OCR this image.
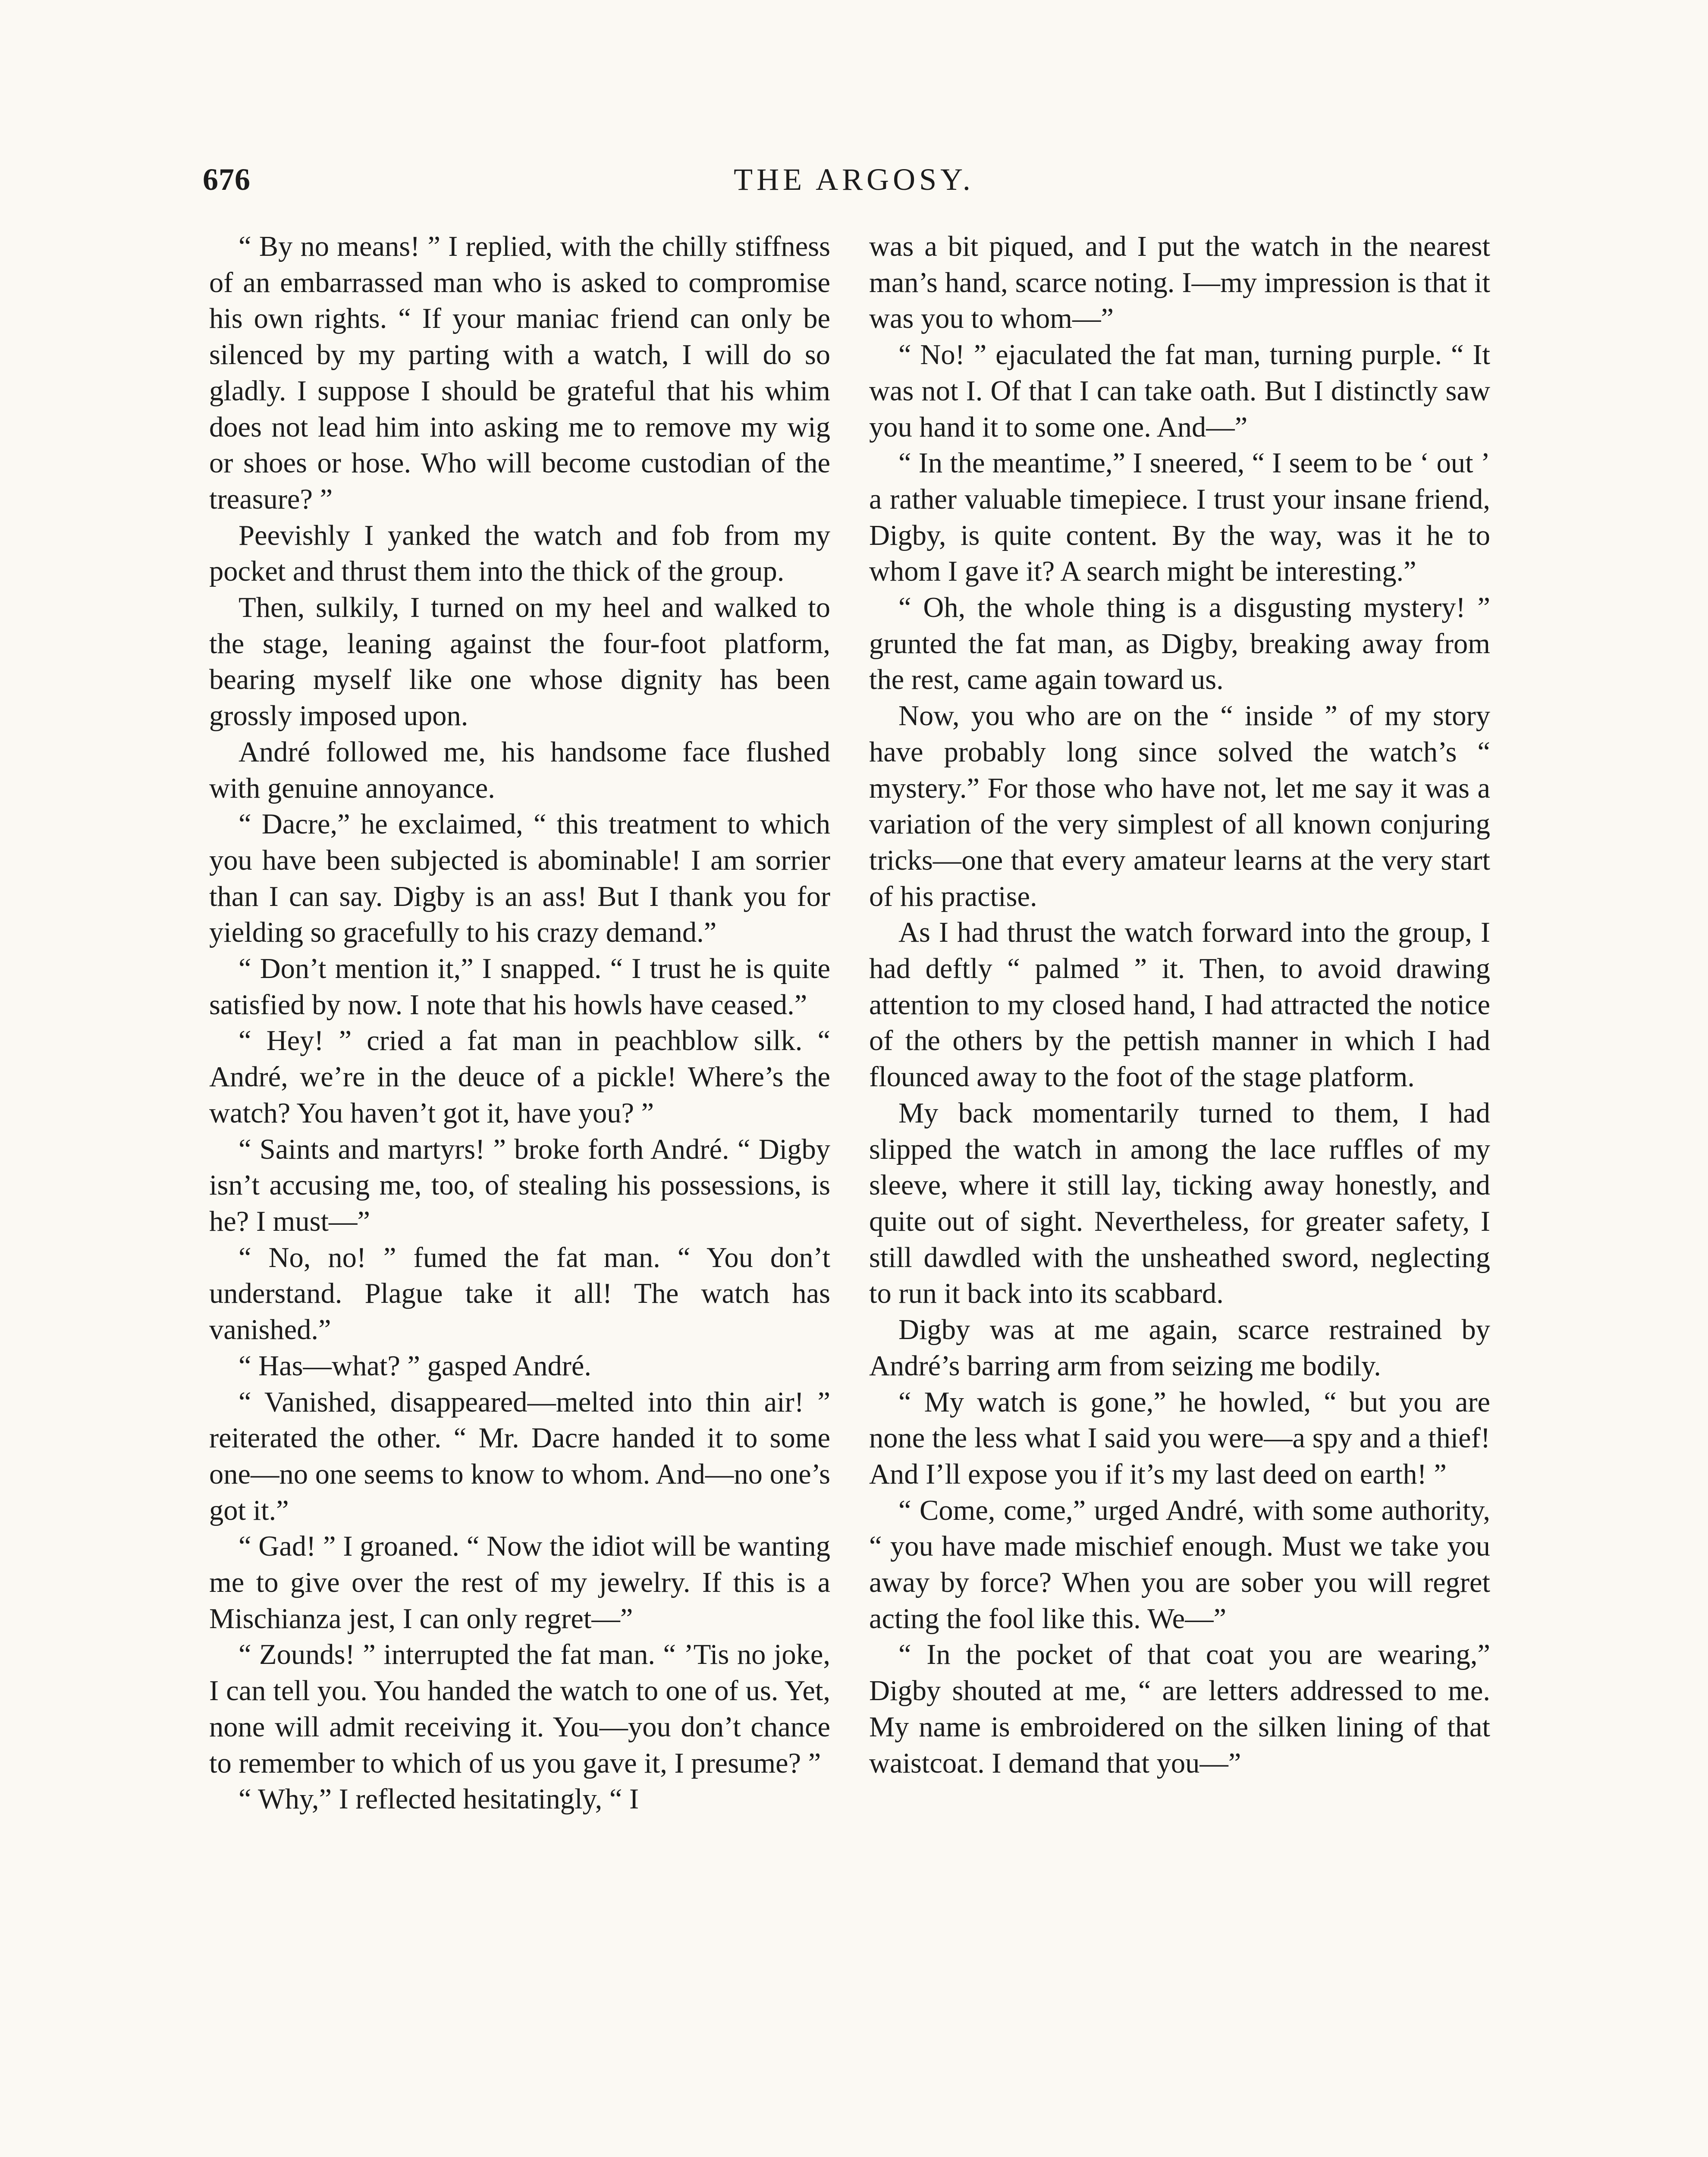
676	THE ARGOSY.

“ By no means! ” I replied, with the chilly stiffness of an embarrassed man who is asked to compromise his own rights. “ If your maniac friend can only be silenced by my parting with a watch, I will do so gladly. I suppose I should be grateful that his whim does not lead him into asking me to remove my wig or shoes or hose. Who will become custodian of the treasure? ”

Peevishly I yanked the watch and fob from my pocket and thrust them into the thick of the group.

Then, sulkily, I turned on my heel and walked to the stage, leaning against the four-foot platform, bearing myself like one whose dignity has been grossly imposed upon.

André followed me, his handsome face flushed with genuine annoyance.

“ Dacre,” he exclaimed, “ this treatment to which you have been subjected is abominable! I am sorrier than I can say. Digby is an ass! But I thank you for yielding so gracefully to his crazy demand.”

“ Don’t mention it,” I snapped. “ I trust he is quite satisfied by now. I note that his howls have ceased.”

“ Hey! ” cried a fat man in peachblow silk. “ André, we’re in the deuce of a pickle! Where’s the watch? You haven’t got it, have you? ”

“ Saints and martyrs! ” broke forth André. “ Digby isn’t accusing me, too, of stealing his possessions, is he? I must—”

“ No, no! ” fumed the fat man. “ You don’t understand. Plague take it all! The watch has vanished.”

“ Has—what? ” gasped André.

“ Vanished, disappeared—melted into thin air! ” reiterated the other. “ Mr. Dacre handed it to some one—no one seems to know to whom. And—no one’s got it.”

“ Gad! ” I groaned. “ Now the idiot will be wanting me to give over the rest of my jewelry. If this is a Mischianza jest, I can only regret—”

“ Zounds! ” interrupted the fat man. “ ’Tis no joke, I can tell you. You handed the watch to one of us. Yet, none will admit receiving it. You—you don’t chance to remember to which of us you gave it, I presume? ”

“ Why,” I reflected hesitatingly, “ I

was a bit piqued, and I put the watch in the nearest man’s hand, scarce noting. I—my impression is that it was you to whom—”

“ No! ” ejaculated the fat man, turning purple. “ It was not I. Of that I can take oath. But I distinctly saw you hand it to some one. And—”

“ In the meantime,” I sneered, “ I seem to be ‘ out ’ a rather valuable timepiece. I trust your insane friend, Digby, is quite content. By the way, was it he to whom I gave it? A search might be interesting.”

“ Oh, the whole thing is a disgusting mystery! ” grunted the fat man, as Digby, breaking away from the rest, came again toward us.

Now, you who are on the “ inside ” of my story have probably long since solved the watch’s “ mystery.” For those who have not, let me say it was a variation of the very simplest of all known conjuring tricks—one that every amateur learns at the very start of his practise.

As I had thrust the watch forward into the group, I had deftly “ palmed ” it. Then, to avoid drawing attention to my closed hand, I had attracted the notice of the others by the pettish manner in which I had flounced away to the foot of the stage platform.

My back momentarily turned to them, I had slipped the watch in among the lace ruffles of my sleeve, where it still lay, ticking away honestly, and quite out of sight. Nevertheless, for greater safety, I still dawdled with the unsheathed sword, neglecting to run it back into its scabbard.

Digby was at me again, scarce restrained by André’s barring arm from seizing me bodily.

“ My watch is gone,” he howled, “ but you are none the less what I said you were—a spy and a thief! And I’ll expose you if it’s my last deed on earth! ”

“ Come, come,” urged André, with some authority, “ you have made mischief enough. Must we take you away by force? When you are sober you will regret acting the fool like this. We—”

“ In the pocket of that coat you are wearing,” Digby shouted at me, “ are letters addressed to me. My name is embroidered on the silken lining of that waistcoat. I demand that you—”
